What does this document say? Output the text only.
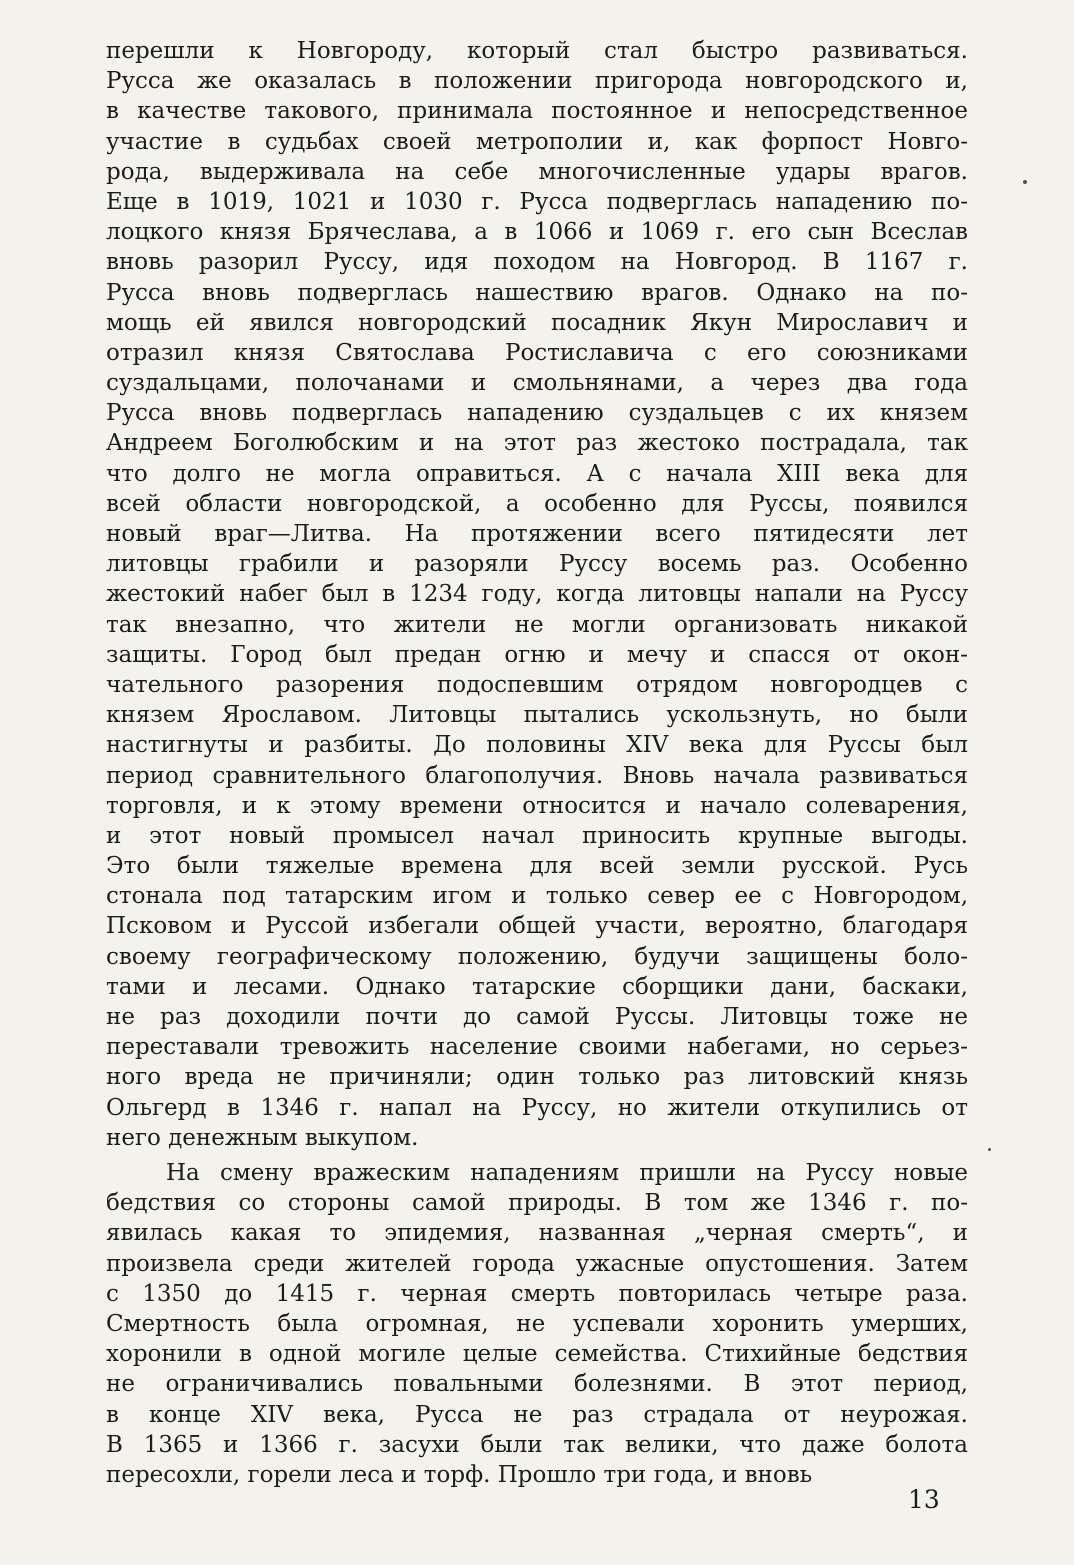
перешли к Новгороду, который стал быстро развиваться.
Русса же оказалась в положении пригорода новгородского и,
в качестве такового, принимала постоянное и непосредственное
участие в судьбах своей метрополии и, как форпост Новго-
рода, выдерживала на себе многочисленные удары врагов.
Еще в 1019, 1021 и 1030 г. Русса подверглась нападению по-
лоцкого князя Брячеслава, а в 1066 и 1069 г. его сын Всеслав
вновь разорил Руссу, идя походом на Новгород. В 1167 г.
Русса вновь подверглась нашествию врагов. Однако на по-
мощь ей явился новгородский посадник Якун Мирославич и
отразил князя Святослава Ростиславича с его союзниками
суздальцами, полочанами и смольнянами, а через два года
Русса вновь подверглась нападению суздальцев с их князем
Андреем Боголюбским и на этот раз жестоко пострадала, так
что долго не могла оправиться. А с начала XIII века для
всей области новгородской, а особенно для Руссы, появился
новый враг—Литва. На протяжении всего пятидесяти лет
литовцы грабили и разоряли Руссу восемь раз. Особенно
жестокий набег был в 1234 году, когда литовцы напали на Руссу
так внезапно, что жители не могли организовать никакой
защиты. Город был предан огню и мечу и спасся от окон-
чательного разорения подоспевшим отрядом новгородцев с
князем Ярославом. Литовцы пытались ускользнуть, но были
настигнуты и разбиты. До половины XIV века для Руссы был
период сравнительного благополучия. Вновь начала развиваться
торговля, и к этому времени относится и начало солеварения,
и этот новый промысел начал приносить крупные выгоды.
Это были тяжелые времена для всей земли русской. Русь
стонала под татарским игом и только север ее с Новгородом,
Псковом и Руссой избегали общей участи, вероятно, благодаря
своему географическому положению, будучи защищены боло-
тами и лесами. Однако татарские сборщики дани, баскаки,
не раз доходили почти до самой Руссы. Литовцы тоже не
переставали тревожить население своими набегами, но серьез-
ного вреда не причиняли; один только раз литовский князь
Ольгерд в 1346 г. напал на Руссу, но жители откупились от
него денежным выкупом.
На смену вражеским нападениям пришли на Руссу новые
бедствия со стороны самой природы. В том же 1346 г. по-
явилась какая то эпидемия, названная „черная смерть“, и
произвела среди жителей города ужасные опустошения. Затем
с 1350 до 1415 г. черная смерть повторилась четыре раза.
Смертность была огромная, не успевали хоронить умерших,
хоронили в одной могиле целые семейства. Стихийные бедствия
не ограничивались повальными болезнями. В этот период,
в конце XIV века, Русса не раз страдала от неурожая.
В 1365 и 1366 г. засухи были так велики, что даже болота
пересохли, горели леса и торф. Прошло три года, и вновь
13
